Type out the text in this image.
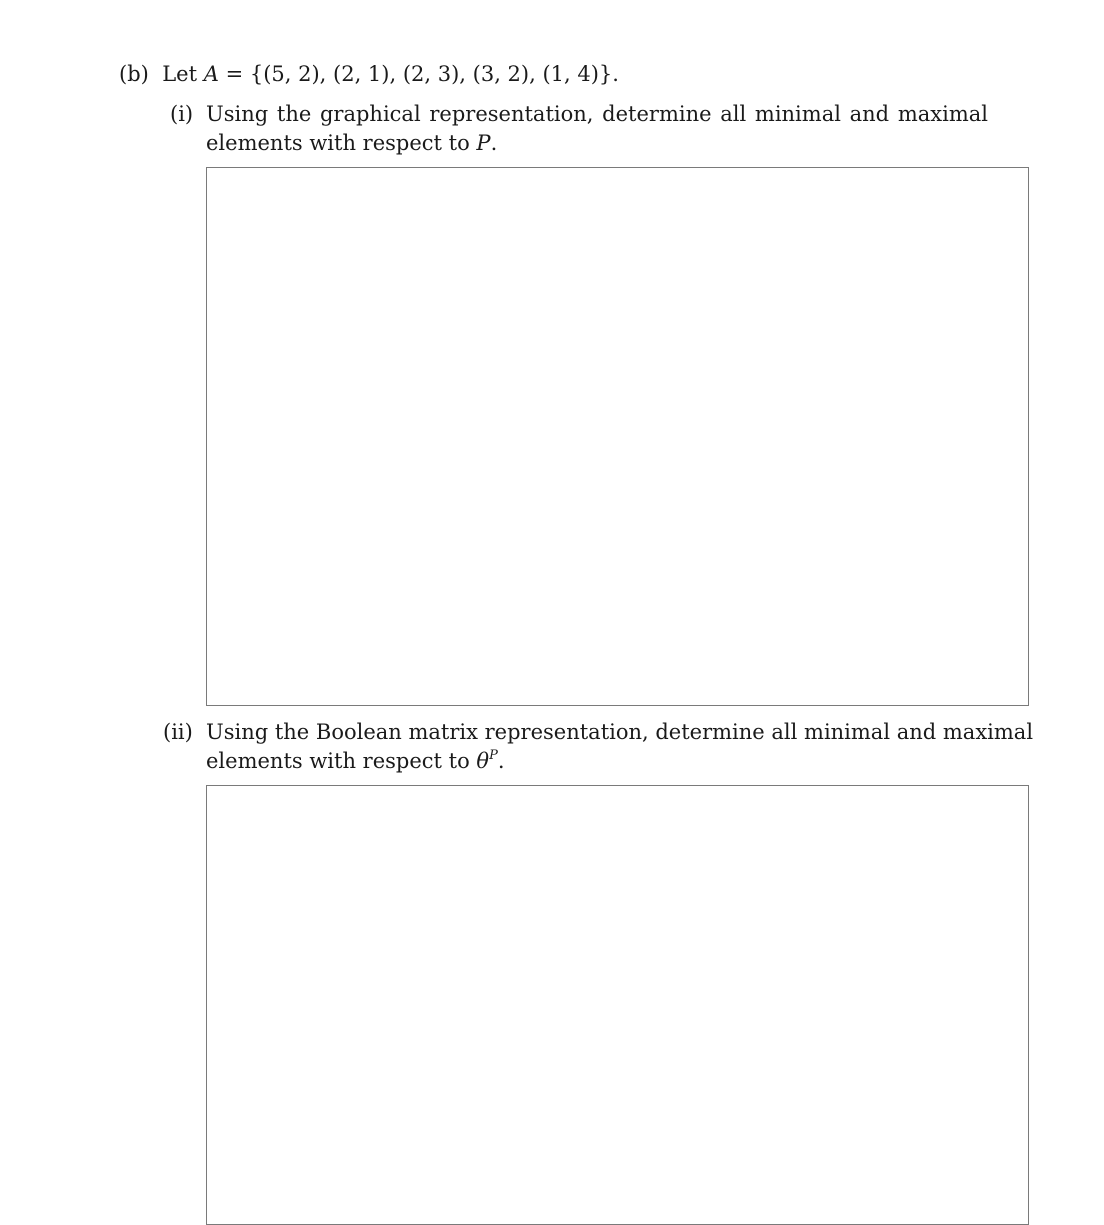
(b) Let A = {(5, 2), (2, 1), (2, 3), (3, 2), (1, 4)}.
(i) Using the graphical representation, determine all minimal and maximal
elements with respect to P.
(ii) Using the Boolean matrix representation, determine all minimal and maximal
elements with respect to $\theta^P$.
